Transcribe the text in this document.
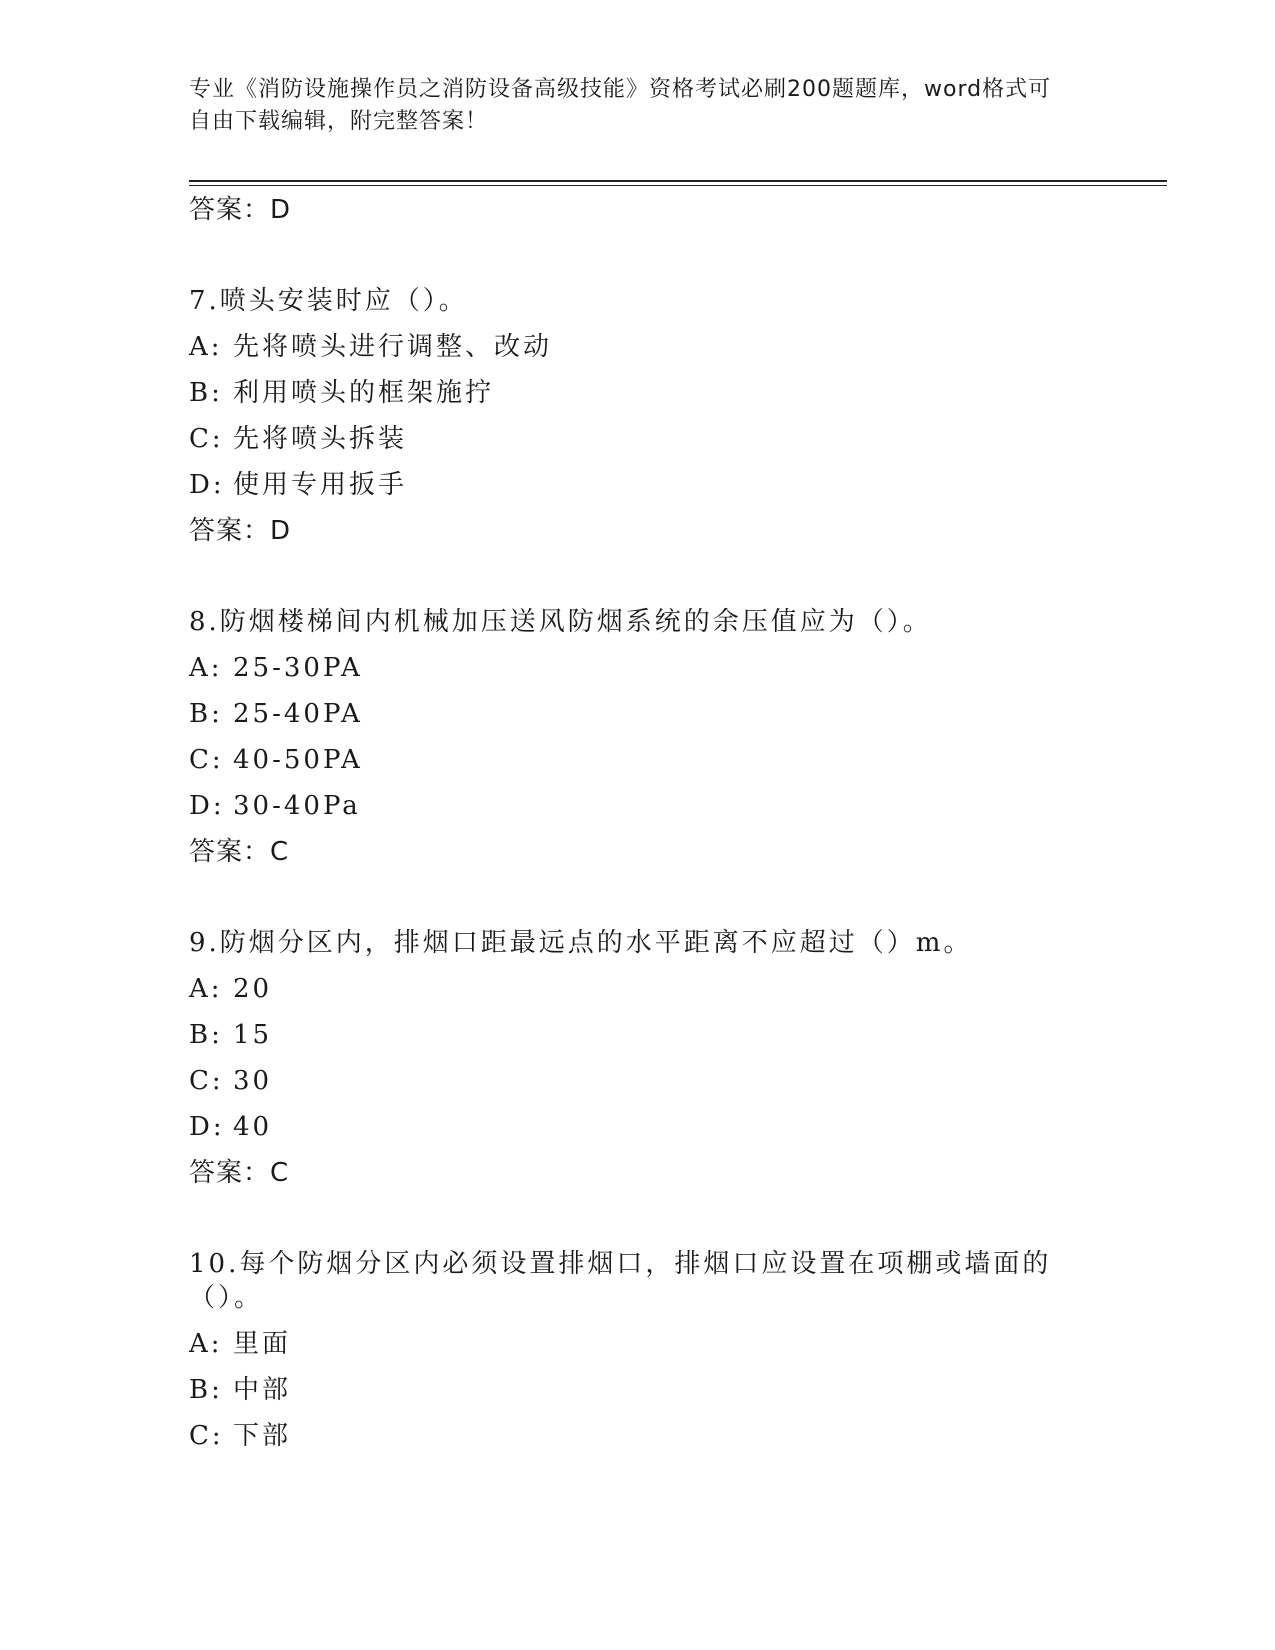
专业《消防设施操作员之消防设备高级技能》资格考试必刷200题题库，word格式可自由下载编辑，附完整答案！
答案：D
7.喷头安装时应（）。
A: 先将喷头进行调整、改动
B: 利用喷头的框架施拧
C: 先将喷头拆装
D: 使用专用扳手
答案：D
8.防烟楼梯间内机械加压送风防烟系统的余压值应为（）。
A: 25-30PA
B: 25-40PA
C: 40-50PA
D: 30-40Pa
答案：C
9.防烟分区内，排烟口距最远点的水平距离不应超过（）m。
A: 20
B: 15
C: 30
D: 40
答案：C
10.每个防烟分区内必须设置排烟口，排烟口应设置在项棚或墙面的（）。
A: 里面
B: 中部
C: 下部
